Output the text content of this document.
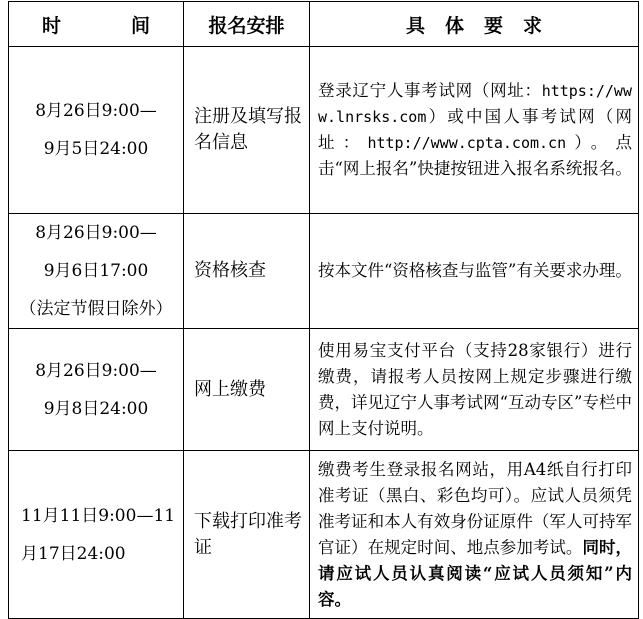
时 间	报名安排	具 体 要 求

8月26日9:00—
9月5日24:00	注册及填写报名信息	登录辽宁人事考试网（网址：https://www.lnrsks.com）或中国人事考试网（网址：http://www.cpta.com.cn）。点击“网上报名”快捷按钮进入报名系统报名。

8月26日9:00—
9月6日17:00
（法定节假日除外）	资格核查	按本文件“资格核查与监管”有关要求办理。

8月26日9:00—
9月8日24:00	网上缴费	使用易宝支付平台（支持28家银行）进行缴费，请报考人员按网上规定步骤进行缴费，详见辽宁人事考试网“互动专区”专栏中网上支付说明。

11月11日9:00—11
月17日24:00	下载打印准考证	缴费考生登录报名网站，用A4纸自行打印准考证（黑白、彩色均可）。应试人员须凭准考证和本人有效身份证原件（军人可持军官证）在规定时间、地点参加考试。同时，请应试人员认真阅读“应试人员须知”内容。
